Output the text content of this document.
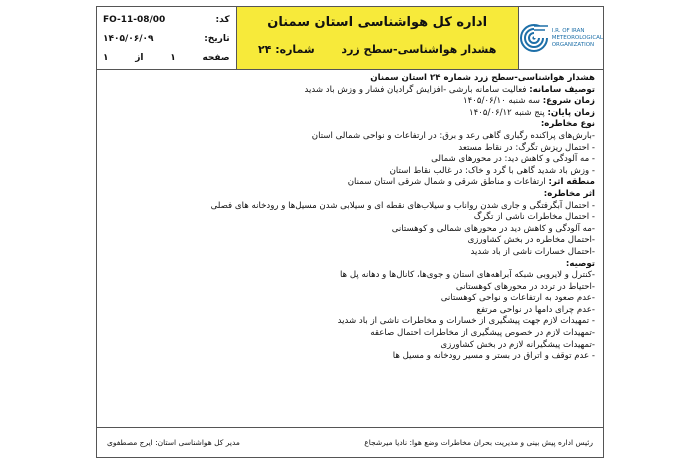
کد:
FO-11-08/00
تاریخ:
۱۴۰۵/۰۶/۰۹
صفحه
۱
از
۱
اداره کل هواشناسی استان سمنان
هشدار هواشناسی-سطح زرد
شماره: ۲۴
I.R. OF IRAN
METEOROLOGICAL
ORGANIZATION

هشدار هواشناسی-سطح زرد شماره ۲۴ استان سمنان

توصیف سامانه: فعالیت سامانه بارشی -افزایش گرادیان فشار و وزش باد شدید

زمان شروع: سه شنبه ۱۴۰۵/۰۶/۱۰

زمان پایان: پنج شنبه ۱۴۰۵/۰۶/۱۲

نوع مخاطره:

-بارش‌های پراکنده رگباری گاهی رعد و برق: در ارتفاعات و نواحی شمالی استان

- احتمال ریزش تگرگ: در نقاط مستعد

- مه آلودگی و کاهش دید: در محورهای شمالی

- وزش باد شدید گاهی با گرد و خاک: در غالب نقاط استان

منطقه اثر: ارتفاعات و مناطق شرقی و شمال شرقی استان سمنان

اثر مخاطره:

- احتمال آبگرفتگی و جاری شدن رواناب و سیلاب‌های نقطه ای و سیلابی شدن مسیل‌ها و رودخانه های فصلی

- احتمال مخاطرات ناشی از تگرگ

-مه آلودگی و کاهش دید در محورهای شمالی و کوهستانی

-احتمال مخاطره در بخش کشاورزی

-احتمال خسارات ناشی از باد شدید

توصیه:

-کنترل و لایروبی شبکه آبراهه‌های استان و جوی‌ها، کانال‌ها و دهانه پل ها

-احتیاط در تردد در محورهای کوهستانی

-عدم صعود به ارتفاعات و نواحی کوهستانی

-عدم چرای دامها در نواحی مرتفع

- تمهیدات لازم جهت پیشگیری از خسارات و مخاطرات ناشی از باد شدید

-تمهیدات لازم در خصوص پیشگیری از مخاطرات احتمال صاعقه

-تمهیدات پیشگیرانه لازم در بخش کشاورزی

- عدم توقف و اتراق در بستر و مسیر رودخانه و مسیل ها

رئیس اداره پیش بینی و مدیریت بحران مخاطرات وضع هوا: نادیا میرشجاع
مدیر کل هواشناسی استان: ایرج مصطفوی
